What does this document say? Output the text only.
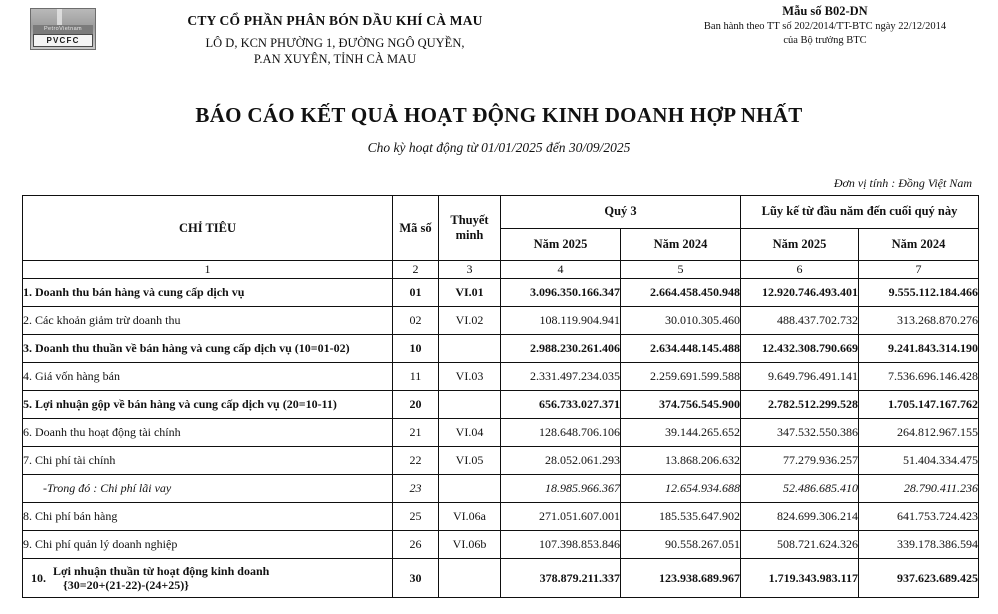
PetroVietnam
PVCFC
CTY CỔ PHẦN PHÂN BÓN DẦU KHÍ CÀ MAU
LÔ D, KCN PHƯỜNG 1, ĐƯỜNG NGÔ QUYỀN,
P.AN XUYÊN, TỈNH CÀ MAU
Mẫu số B02-DN
Ban hành theo TT số 202/2014/TT-BTC ngày 22/12/2014
của Bộ trưởng BTC
BÁO CÁO KẾT QUẢ HOẠT ĐỘNG KINH DOANH HỢP NHẤT
Cho kỳ hoạt động từ 01/01/2025 đến 30/09/2025
Đơn vị tính : Đồng Việt Nam
CHỈ TIÊU	Mã số	Thuyết minh	Quý 3		Lũy kế từ đầu năm đến cuối quý này	
			Năm 2025	Năm 2024	Năm 2025	Năm 2024
1	2	3	4	5	6	7
1. Doanh thu bán hàng và cung cấp dịch vụ	01	VI.01	3.096.350.166.347	2.664.458.450.948	12.920.746.493.401	9.555.112.184.466
2. Các khoản giảm trừ doanh thu	02	VI.02	108.119.904.941	30.010.305.460	488.437.702.732	313.268.870.276
3. Doanh thu thuần về bán hàng và cung cấp dịch vụ (10=01-02)	10		2.988.230.261.406	2.634.448.145.488	12.432.308.790.669	9.241.843.314.190
4. Giá vốn hàng bán	11	VI.03	2.331.497.234.035	2.259.691.599.588	9.649.796.491.141	7.536.696.146.428
5. Lợi nhuận gộp về bán hàng và cung cấp dịch vụ (20=10-11)	20		656.733.027.371	374.756.545.900	2.782.512.299.528	1.705.147.167.762
6. Doanh thu hoạt động tài chính	21	VI.04	128.648.706.106	39.144.265.652	347.532.550.386	264.812.967.155
7. Chi phí tài chính	22	VI.05	28.052.061.293	13.868.206.632	77.279.936.257	51.404.334.475
-Trong đó : Chi phí lãi vay	23		18.985.966.367	12.654.934.688	52.486.685.410	28.790.411.236
8. Chi phí bán hàng	25	VI.06a	271.051.607.001	185.535.647.902	824.699.306.214	641.753.724.423
9. Chi phí quản lý doanh nghiệp	26	VI.06b	107.398.853.846	90.558.267.051	508.721.624.326	339.178.386.594

10. Lợi nhuận thuần từ hoạt động kinh doanh
{30=20+(21-22)-(24+25)}	30		378.879.211.337	123.938.689.967	1.719.343.983.117	937.623.689.425
